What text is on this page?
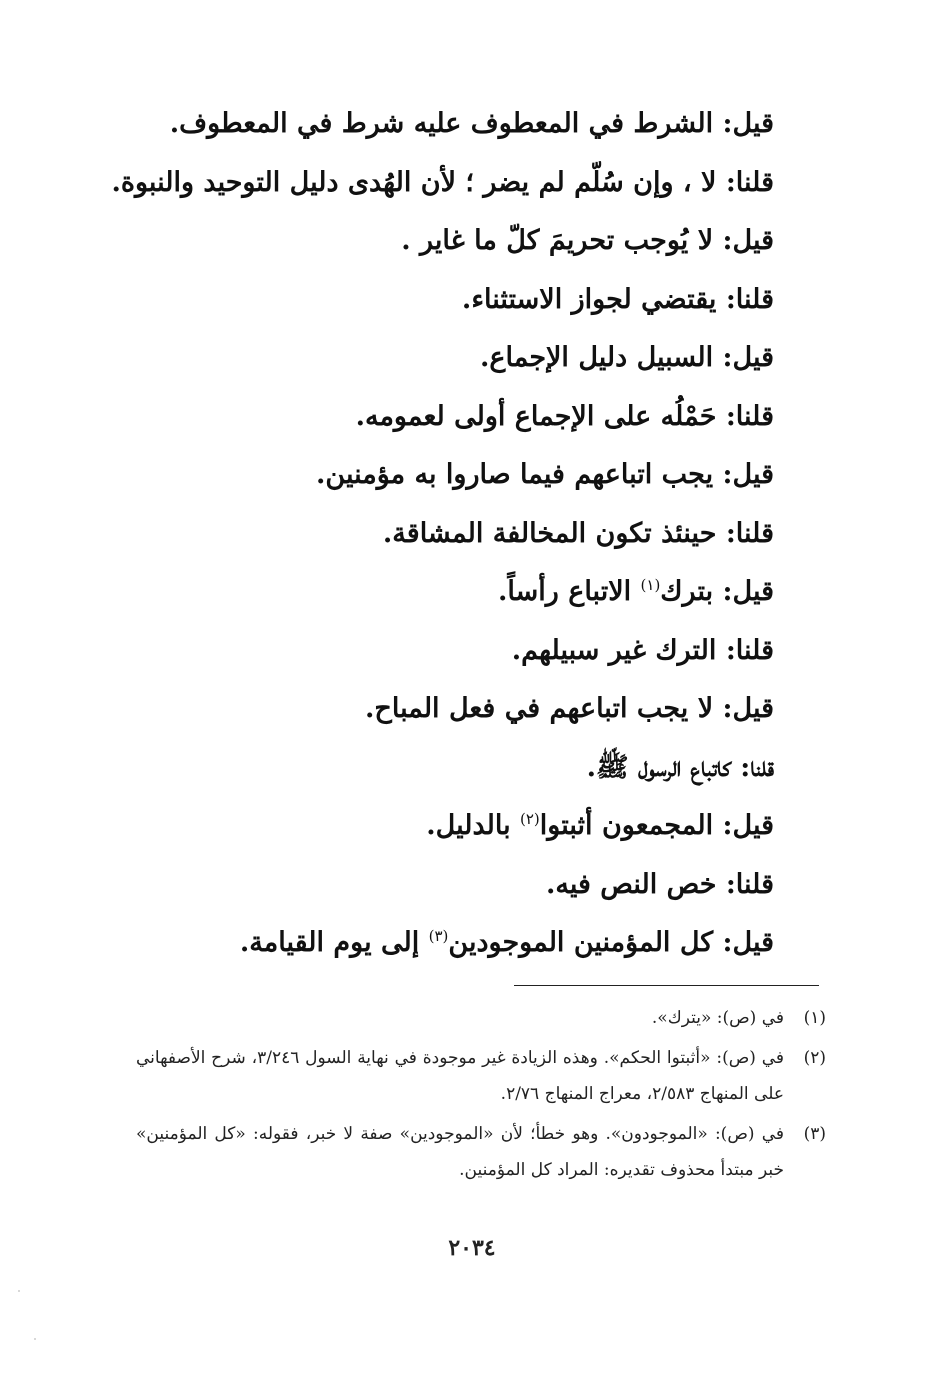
قيل: الشرط في المعطوف عليه شرط في المعطوف.
قلنا: لا ، وإن سُلّم لم يضر ؛ لأن الهُدى دليل التوحيد والنبوة.
قيل: لا يُوجب تحريمَ كلّ ما غاير .
قلنا: يقتضي لجواز الاستثناء.
قيل: السبيل دليل الإجماع.
قلنا: حَمْلُه على الإجماع أولى لعمومه.
قيل: يجب اتباعهم فيما صاروا به مؤمنين.
قلنا: حينئذ تكون المخالفة المشاقة.
قيل: بترك$^{(١)}$ الاتباع رأساً.
قلنا: الترك غير سبيلهم.
قيل: لا يجب اتباعهم في فعل المباح.
قلنا: كاتباع الرسول ﷺ.
قيل: المجمعون أثبتوا$^{(٢)}$ بالدليل.
قلنا: خص النص فيه.
قيل: كل المؤمنين الموجودين$^{(٣)}$ إلى يوم القيامة.
(١)
في (ص): «يترك».
(٢)
في (ص): «أثبتوا الحكم». وهذه الزيادة غير موجودة في نهاية السول ٣/٢٤٦، شرح الأصفهاني على المنهاج ٢/٥٨٣، معراج المنهاج ٢/٧٦.
(٣)
في (ص): «الموجودون». وهو خطأ؛ لأن «الموجودين» صفة لا خبر، فقوله: «كل المؤمنين» خبر مبتدأ محذوف تقديره: المراد كل المؤمنين.
٢٠٣٤
